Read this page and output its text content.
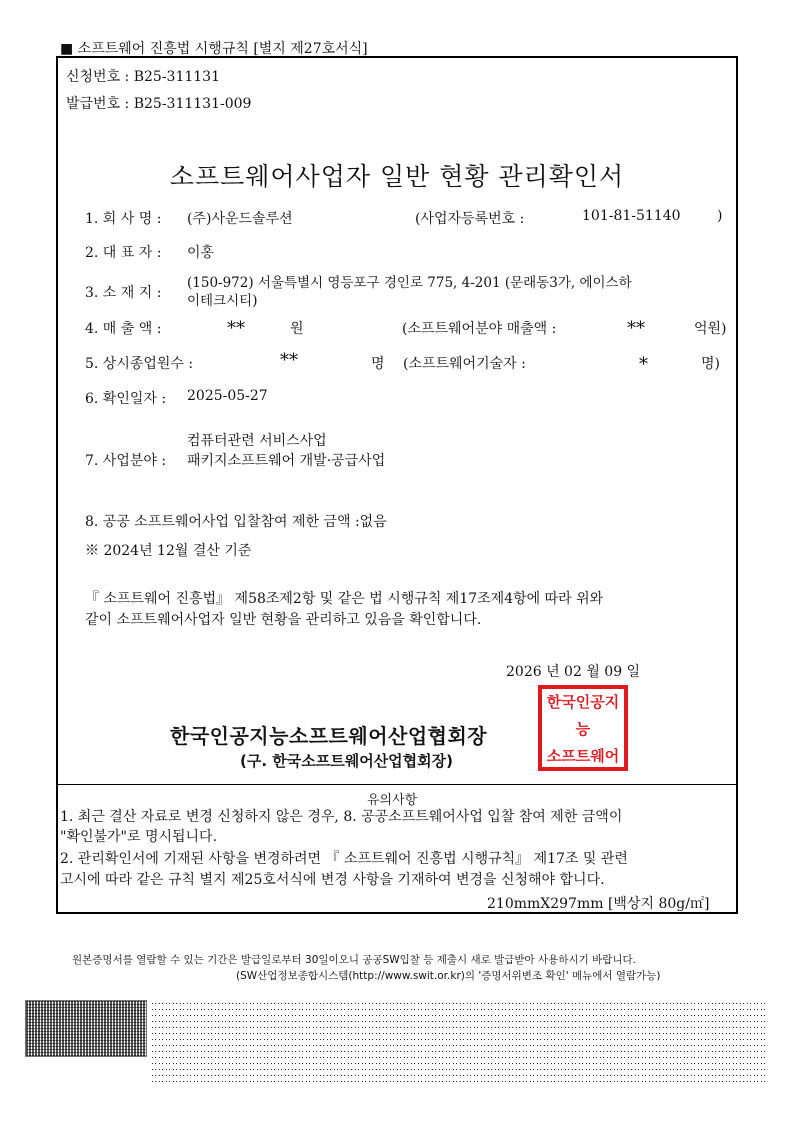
■ 소프트웨어 진흥법 시행규칙 [별지 제27호서식]
신청번호 : B25-311131
발급번호 : B25-311131-009
소프트웨어사업자 일반 현황 관리확인서
1. 회 사 명 : (주)사운드솔루션	(사업자등록번호 :	101-81-51140	)
2. 대 표 자 : 이홍
3. 소 재 지 :
(150-972) 서울특별시 영등포구 경인로 775, 4-201 (문래동3가, 에이스하
이테크시티)
4. 매 출 액 :	**	원	(소프트웨어분야 매출액 :	**	억원)
5. 상시종업원수 :	**	명 (소프트웨어기술자 :	*	명)
6. 확인일자 : 2025-05-27
컴퓨터관련 서비스사업
7. 사업분야 : 패키지소프트웨어 개발·공급사업
8. 공공 소프트웨어사업 입찰참여 제한 금액 :없음
※ 2024년 12월 결산 기준
『 소프트웨어 진흥법』 제58조제2항 및 같은 법 시행규칙 제17조제4항에 따라 위와
같이 소프트웨어사업자 일반 현황을 관리하고 있음을 확인합니다.
2026 년 02 월 09 일
한국인공지능소프트웨어산업협회장
(구. 한국소프트웨어산업협회장)
한국인공지능
소프트웨어
유의사항
1. 최근 결산 자료로 변경 신청하지 않은 경우, 8. 공공소프트웨어사업 입찰 참여 제한 금액이
"확인불가"로 명시됩니다.
2. 관리확인서에 기재된 사항을 변경하려면 『 소프트웨어 진흥법 시행규칙』 제17조 및 관련
고시에 따라 같은 규칙 별지 제25호서식에 변경 사항을 기재하여 변경을 신청해야 합니다.
210mmX297mm [백상지 80g/㎡]
원본증명서를 열람할 수 있는 기간은 발급일로부터 30일이오니 공공SW입찰 등 제출시 새로 발급받아 사용하시기 바랍니다.
(SW산업정보종합시스템(http://www.swit.or.kr)의 '증명서위변조 확인' 메뉴에서 열람가능)
